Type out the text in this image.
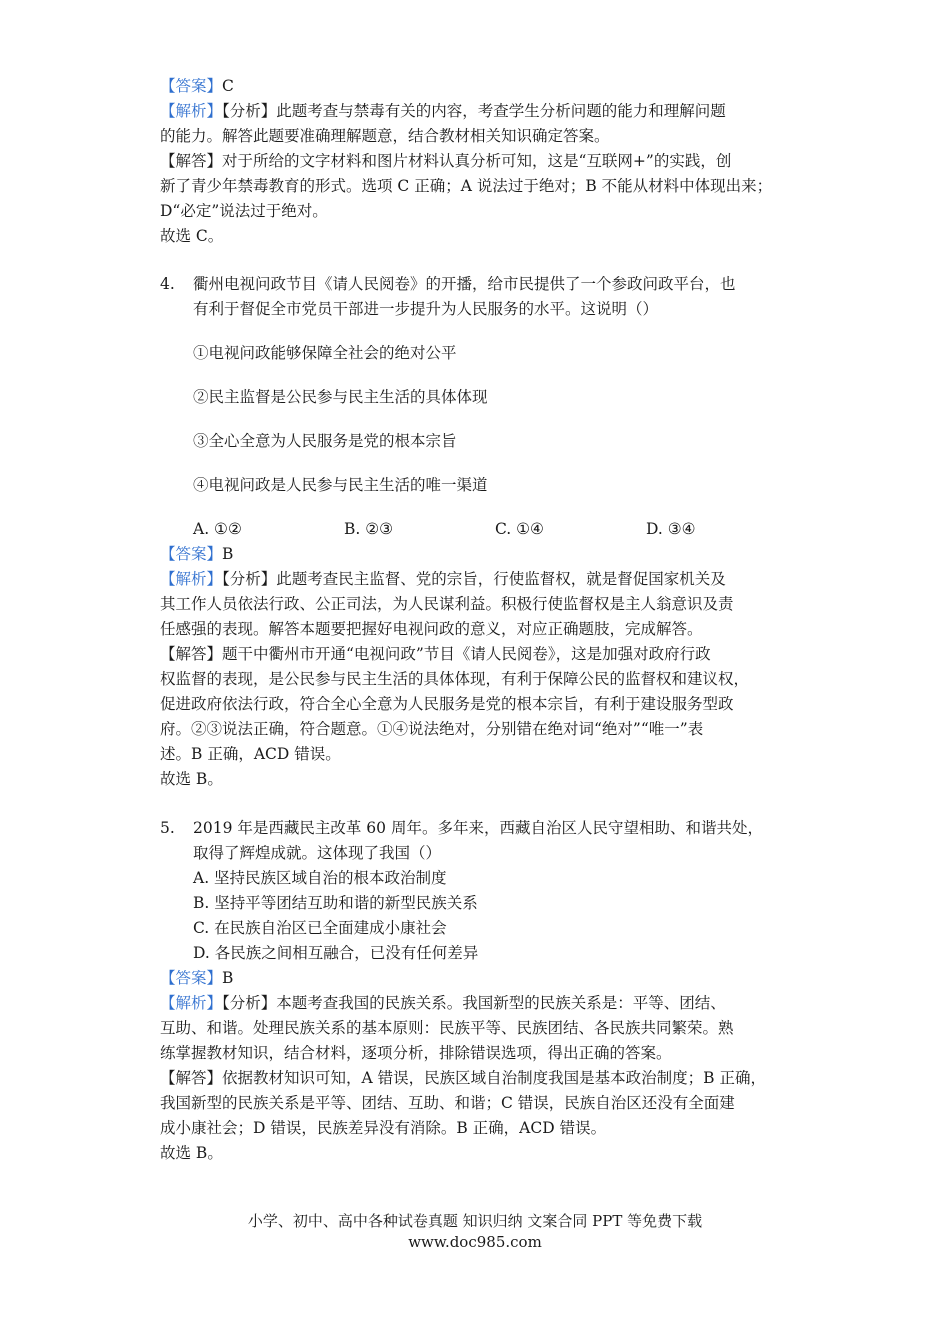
【答案】C
【解析】【分析】此题考查与禁毒有关的内容，考查学生分析问题的能力和理解问题
的能力。解答此题要准确理解题意，结合教材相关知识确定答案。
【解答】对于所给的文字材料和图片材料认真分析可知，这是“互联网+”的实践，创
新了青少年禁毒教育的形式。选项 C 正确；A 说法过于绝对；B 不能从材料中体现出来；
D“必定”说法过于绝对。
故选 C。
4. 衢州电视问政节目《请人民阅卷》的开播，给市民提供了一个参政问政平台，也
有利于督促全市党员干部进一步提升为人民服务的水平。这说明（）
①电视问政能够保障全社会的绝对公平
②民主监督是公民参与民主生活的具体体现
③全心全意为人民服务是党的根本宗旨
④电视问政是人民参与民主生活的唯一渠道
A. ①②	B. ②③	C. ①④	D. ③④
【答案】B
【解析】【分析】此题考查民主监督、党的宗旨，行使监督权，就是督促国家机关及
其工作人员依法行政、公正司法，为人民谋利益。积极行使监督权是主人翁意识及责
任感强的表现。解答本题要把握好电视问政的意义，对应正确题肢，完成解答。
【解答】题干中衢州市开通“电视问政”节目《请人民阅卷》，这是加强对政府行政
权监督的表现，是公民参与民主生活的具体体现，有利于保障公民的监督权和建议权，
促进政府依法行政，符合全心全意为人民服务是党的根本宗旨，有利于建设服务型政
府。②③说法正确，符合题意。①④说法绝对，分别错在绝对词“绝对”“唯一”表
述。B 正确，ACD 错误。
故选 B。
5. 2019 年是西藏民主改革 60 周年。多年来，西藏自治区人民守望相助、和谐共处，
取得了辉煌成就。这体现了我国（）
A. 坚持民族区域自治的根本政治制度
B. 坚持平等团结互助和谐的新型民族关系
C. 在民族自治区已全面建成小康社会
D. 各民族之间相互融合，已没有任何差异
【答案】B
【解析】【分析】本题考查我国的民族关系。我国新型的民族关系是：平等、团结、
互助、和谐。处理民族关系的基本原则：民族平等、民族团结、各民族共同繁荣。熟
练掌握教材知识，结合材料，逐项分析，排除错误选项，得出正确的答案。
【解答】依据教材知识可知，A 错误，民族区域自治制度我国是基本政治制度；B 正确，
我国新型的民族关系是平等、团结、互助、和谐；C 错误，民族自治区还没有全面建
成小康社会；D 错误，民族差异没有消除。B 正确，ACD 错误。
故选 B。
小学、初中、高中各种试卷真题 知识归纳 文案合同 PPT 等免费下载
www.doc985.com
